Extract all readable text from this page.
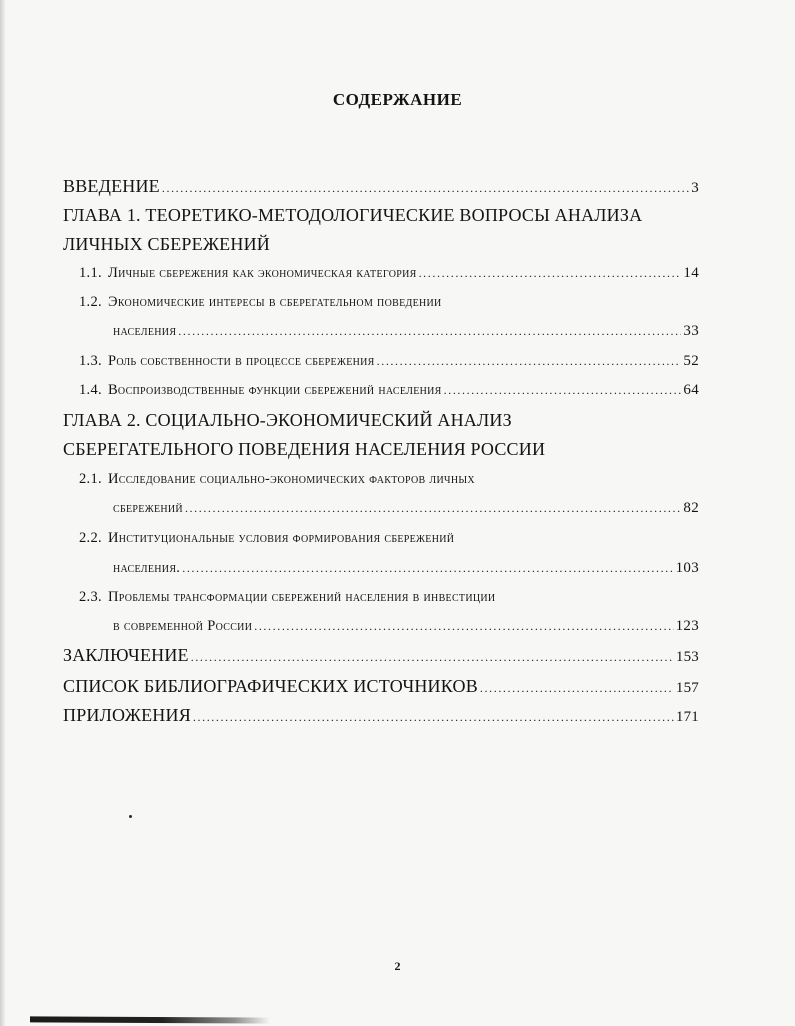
СОДЕРЖАНИЕ
ВВЕДЕНИЕ .....	3
ГЛАВА 1. ТЕОРЕТИКО-МЕТОДОЛОГИЧЕСКИЕ ВОПРОСЫ АНАЛИЗА
ЛИЧНЫХ СБЕРЕЖЕНИЙ
1.1. Личные сбережения как экономическая категория .....	14
1.2. Экономические интересы в сберегательном поведении
населения .....	33
1.3. Роль собственности в процессе сбережения .....	52
1.4. Воспроизводственные функции сбережений населения .....	64
ГЛАВА 2. СОЦИАЛЬНО-ЭКОНОМИЧЕСКИЙ АНАЛИЗ
СБЕРЕГАТЕЛЬНОГО ПОВЕДЕНИЯ НАСЕЛЕНИЯ РОССИИ
2.1. Исследование социально-экономических факторов личных
сбережений .....	82
2.2. Институциональные условия формирования сбережений
населения. .....	103
2.3. Проблемы трансформации сбережений населения в инвестиции
в современной России .....	123
ЗАКЛЮЧЕНИЕ .....	153
СПИСОК БИБЛИОГРАФИЧЕСКИХ ИСТОЧНИКОВ .....	157
ПРИЛОЖЕНИЯ .....	171
2
